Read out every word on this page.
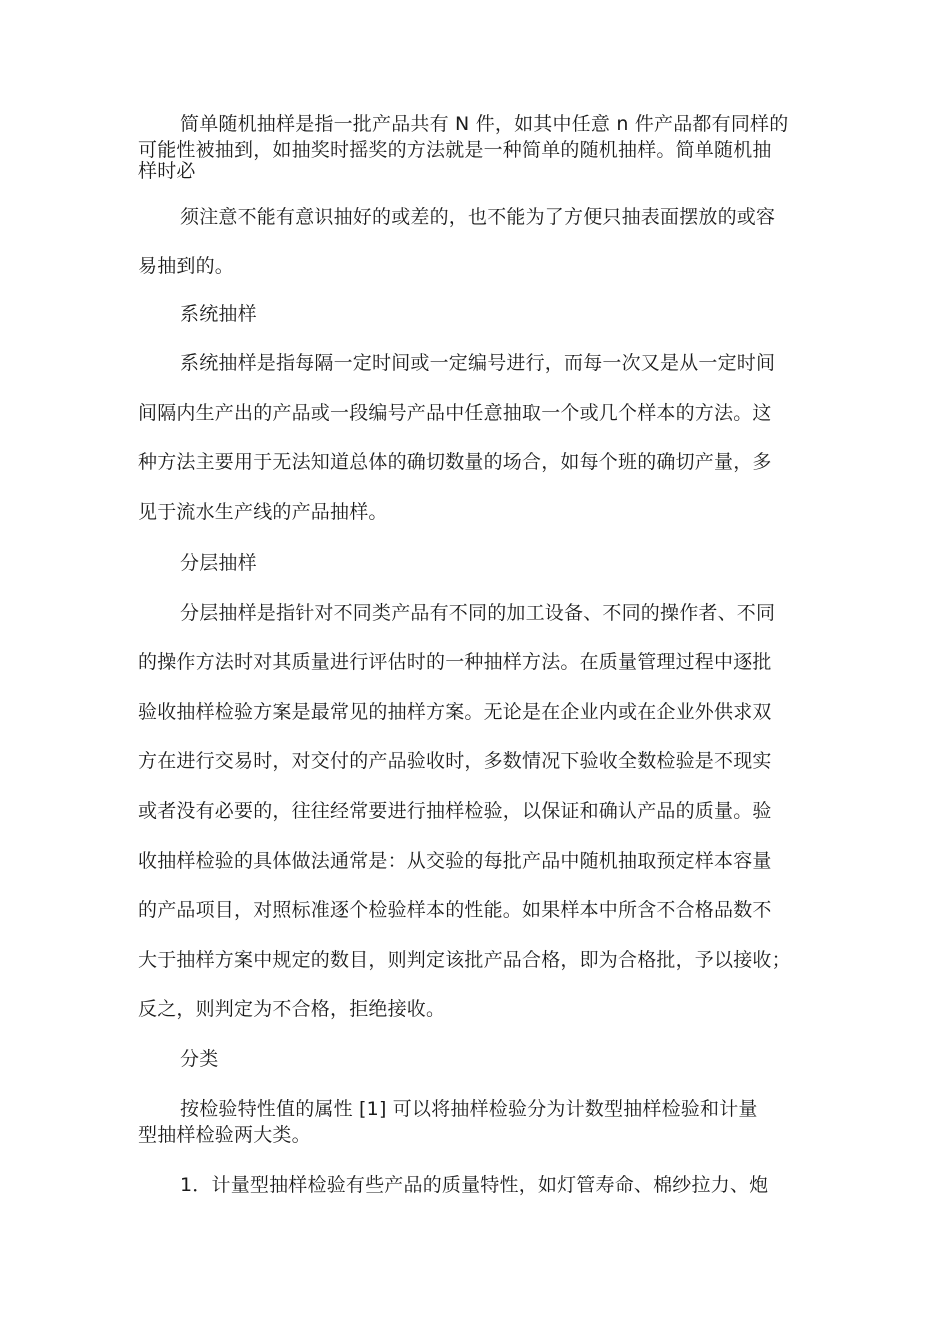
简单随机抽样是指一批产品共有 N 件，如其中任意 n 件产品都有同样的
可能性被抽到，如抽奖时摇奖的方法就是一种简单的随机抽样。简单随机抽
样时必
须注意不能有意识抽好的或差的，也不能为了方便只抽表面摆放的或容
易抽到的。
系统抽样
系统抽样是指每隔一定时间或一定编号进行，而每一次又是从一定时间
间隔内生产出的产品或一段编号产品中任意抽取一个或几个样本的方法。这
种方法主要用于无法知道总体的确切数量的场合，如每个班的确切产量，多
见于流水生产线的产品抽样。
分层抽样
分层抽样是指针对不同类产品有不同的加工设备、不同的操作者、不同
的操作方法时对其质量进行评估时的一种抽样方法。在质量管理过程中逐批
验收抽样检验方案是最常见的抽样方案。无论是在企业内或在企业外供求双
方在进行交易时，对交付的产品验收时，多数情况下验收全数检验是不现实
或者没有必要的，往往经常要进行抽样检验，以保证和确认产品的质量。验
收抽样检验的具体做法通常是：从交验的每批产品中随机抽取预定样本容量
的产品项目，对照标准逐个检验样本的性能。如果样本中所含不合格品数不
大于抽样方案中规定的数目，则判定该批产品合格，即为合格批，予以接收；
反之，则判定为不合格，拒绝接收。
分类
按检验特性值的属性 [1] 可以将抽样检验分为计数型抽样检验和计量
型抽样检验两大类。
1．计量型抽样检验有些产品的质量特性，如灯管寿命、棉纱拉力、炮
